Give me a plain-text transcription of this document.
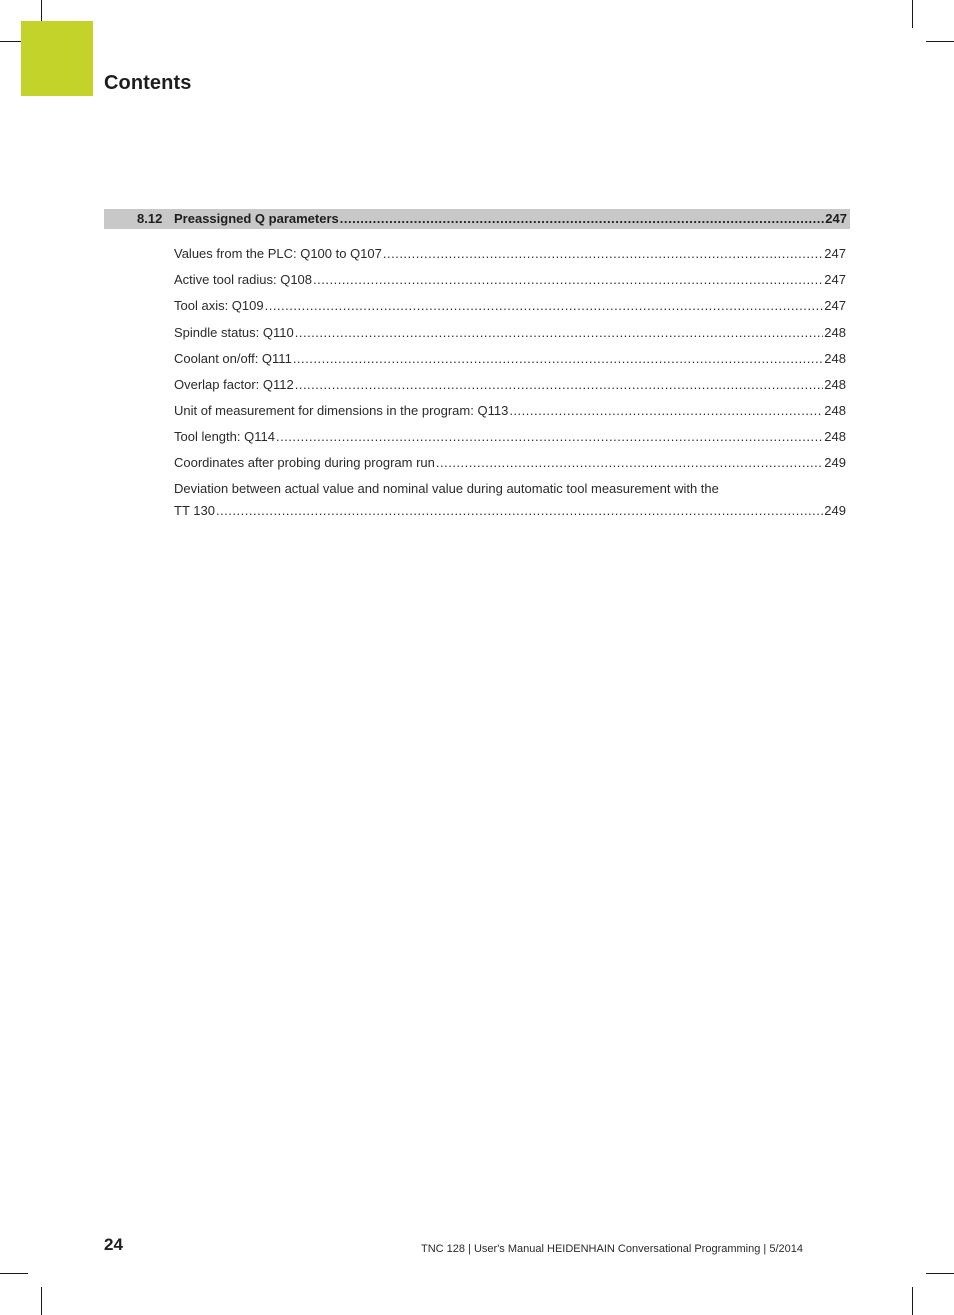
Contents
8.12 Preassigned Q parameters .....	247
Values from the PLC: Q100 to Q107 .....	247
Active tool radius: Q108 .....	247
Tool axis: Q109 .....	247
Spindle status: Q110 .....	248
Coolant on/off: Q111 .....	248
Overlap factor: Q112 .....	248
Unit of measurement for dimensions in the program: Q113 .....	248
Tool length: Q114 .....	248
Coordinates after probing during program run .....	249
Deviation between actual value and nominal value during automatic tool measurement with the
TT 130 .....	249
24	TNC 128 | User's Manual HEIDENHAIN Conversational Programming | 5/2014
